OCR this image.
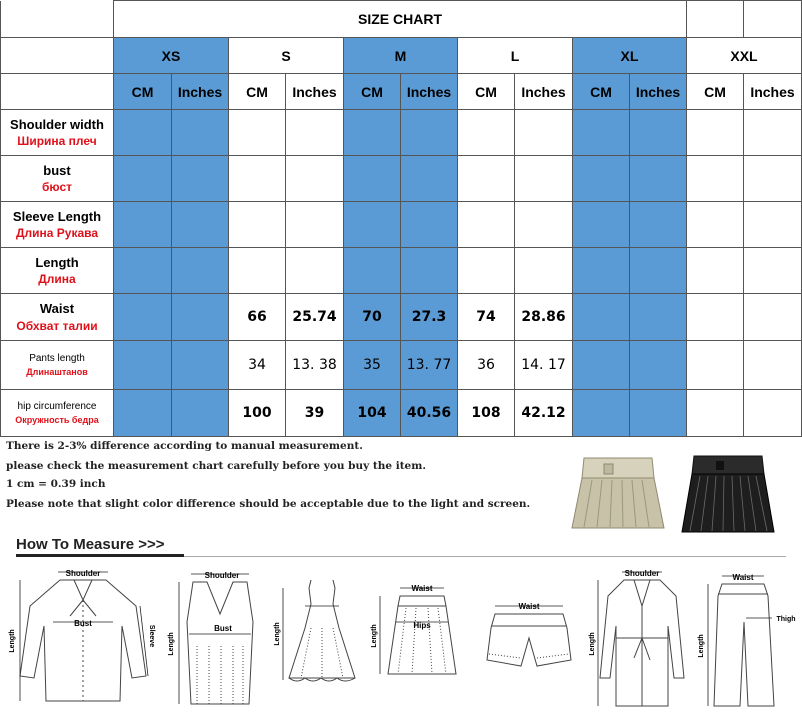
	SIZE CHART											
	XS		S		M		L		XL		XXL	
	CM	Inches	CM	Inches	CM	Inches	CM	Inches	CM	Inches	CM	Inches

Shoulder width
Ширина плеч												

bust
бюст												

Sleeve Length
Длина Рукава												

Length
Длина												

Waist
Обхват талии			66	25.74	70	27.3	74	28.86				

Pants length
Длинаштанов			34	13. 38	35	13. 77	36	14. 17				

hip circumference
Окружность бедра			100	39	104	40.56	108	42.12				
There is 2-3% difference according to manual measurement.
please check the measurement chart carefully before you buy the item.
1 cm = 0.39 inch
Please note that slight color difference should be acceptable due to the light and screen.
How To Measure >>>
Shoulder
Bust
Length	Sleeve
Shoulder
Bust
Length	Length
Waist
Hips
Length
Waist
Shoulder
Length
Waist
Thigh
Length
